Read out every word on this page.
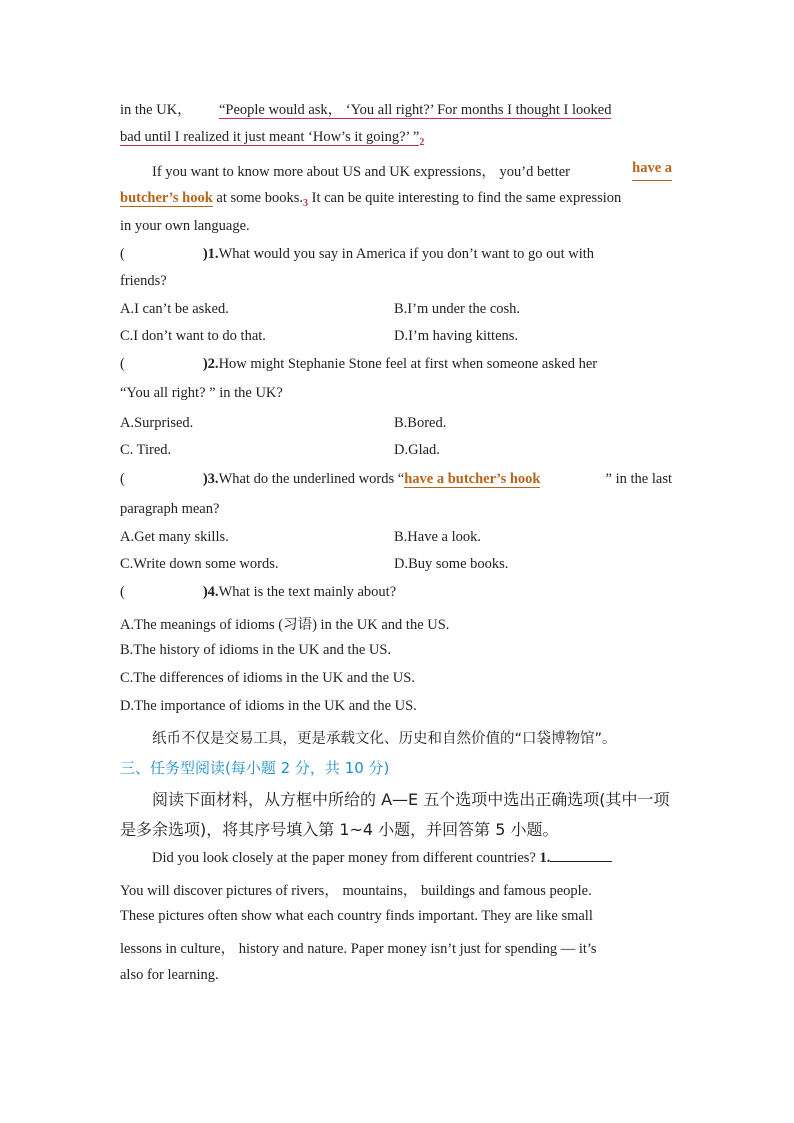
in the UK， “People would ask， ‘You all right?’ For months I thought I looked
bad until I realized it just meant ‘How’s it going?’ $”_2$
If you want to know more about US and UK expressions， you’d better	have a
butcher’s hook at some $books._3$ It can be quite interesting to find the same expression
in your own language.
(	)1.What would you say in America if you don’t want to go out with
friends?
A.I can’t be asked.	B.I’m under the cosh.
C.I don’t want to do that.	D.I’m having kittens.
(	)2.How might Stephanie Stone feel at first when someone asked her
“You all right? ” in the UK?
A.Surprised.	B.Bored.
C. Tired.	D.Glad.
(	)3.What do the underlined words “have a butcher’s hook	” in the last
paragraph mean?
A.Get many skills.	B.Have a look.
C.Write down some words.	D.Buy some books.
(	)4.What is the text mainly about?
A.The meanings of idioms (习语) in the UK and the US.
B.The history of idioms in the UK and the US.
C.The differences of idioms in the UK and the US.
D.The importance of idioms in the UK and the US.
纸币不仅是交易工具，更是承载文化、历史和自然价值的“口袋博物馆”。
三、任务型阅读(每小题 2 分，共 10 分)
阅读下面材料，从方框中所给的 A—E 五个选项中选出正确选项(其中一项
是多余选项)，将其序号填入第 1~4 小题，并回答第 5 小题。
Did you look closely at the paper money from different countries? 1.
You will discover pictures of rivers， mountains， buildings and famous people.
These pictures often show what each country finds important. They are like small
lessons in culture， history and nature. Paper money isn’t just for spending — it’s
also for learning.
